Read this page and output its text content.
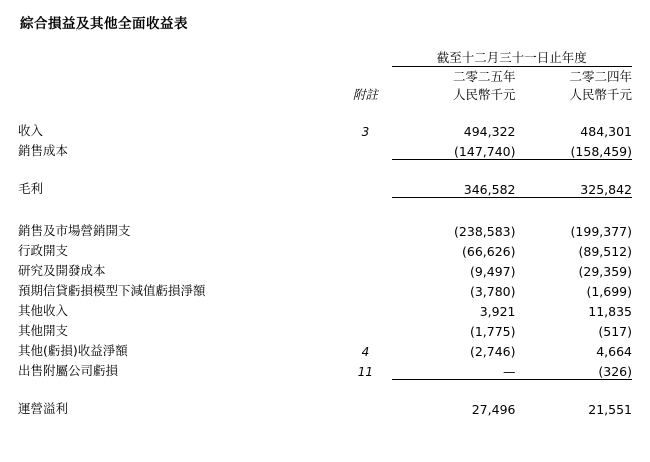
綜合損益及其他全面收益表
		截至十二月三十一日止年度	
		二零二五年	二零二四年
	附註	人民幣千元	人民幣千元

收入	3	494,322	484,301
銷售成本		(147,740)	(158,459)

毛利		346,582	325,842

銷售及市場營銷開支		(238,583)	(199,377)
行政開支		(66,626)	(89,512)
研究及開發成本		(9,497)	(29,359)
預期信貸虧損模型下減值虧損淨額		(3,780)	(1,699)
其他收入		3,921	11,835
其他開支		(1,775)	(517)
其他(虧損)收益淨額	4	(2,746)	4,664
出售附屬公司虧損	11	—	(326)

運營溢利		27,496	21,551
